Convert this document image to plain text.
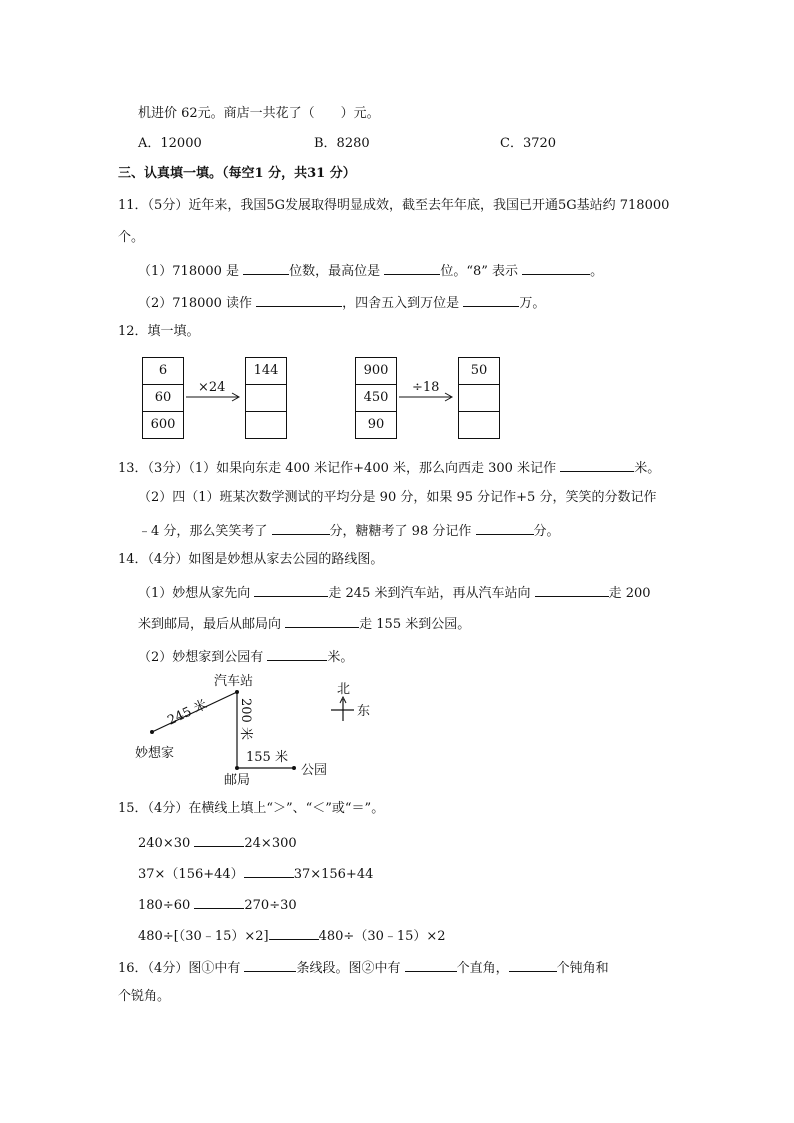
机进价 62元。商店一共花了（　　）元。
A．12000	B．8280	C．3720
三、认真填一填。（每空1 分，共31 分）
11．（5分）近年来，我国5G发展取得明显成效，截至去年年底，我国已开通5G基站约 718000
个。
（1）718000 是	位数，最高位是	位。“8” 表示	。
（2）718000 读作	，四舍五入到万位是	万。
12．填一填。
6
60
600
×24
144	900
450
90
÷18
50
13．（3分）（1）如果向东走 400 米记作+400 米，那么向西走 300 米记作	米。
（2）四（1）班某次数学测试的平均分是 90 分，如果 95 分记作+5 分，笑笑的分数记作
﹣4 分，那么笑笑考了	分，糖糖考了 98 分记作	分。
14．（4分）如图是妙想从家去公园的路线图。
（1）妙想从家先向	走 245 米到汽车站，再从汽车站向	走 200
米到邮局，最后从邮局向	走 155 米到公园。
（2）妙想家到公园有	米。
汽车站
妙想家
邮局
公园
245 米 200 米
155 米
北
东
15．（4分）在横线上填上“＞”、“＜”或“＝”。
240×30	24×300
37×（156+44）	37×156+44
180÷60	270÷30
480÷[（30﹣15）×2]	480÷（30﹣15）×2
16．（4分）图①中有	条线段。图②中有	个直角，	个钝角和
个锐角。
